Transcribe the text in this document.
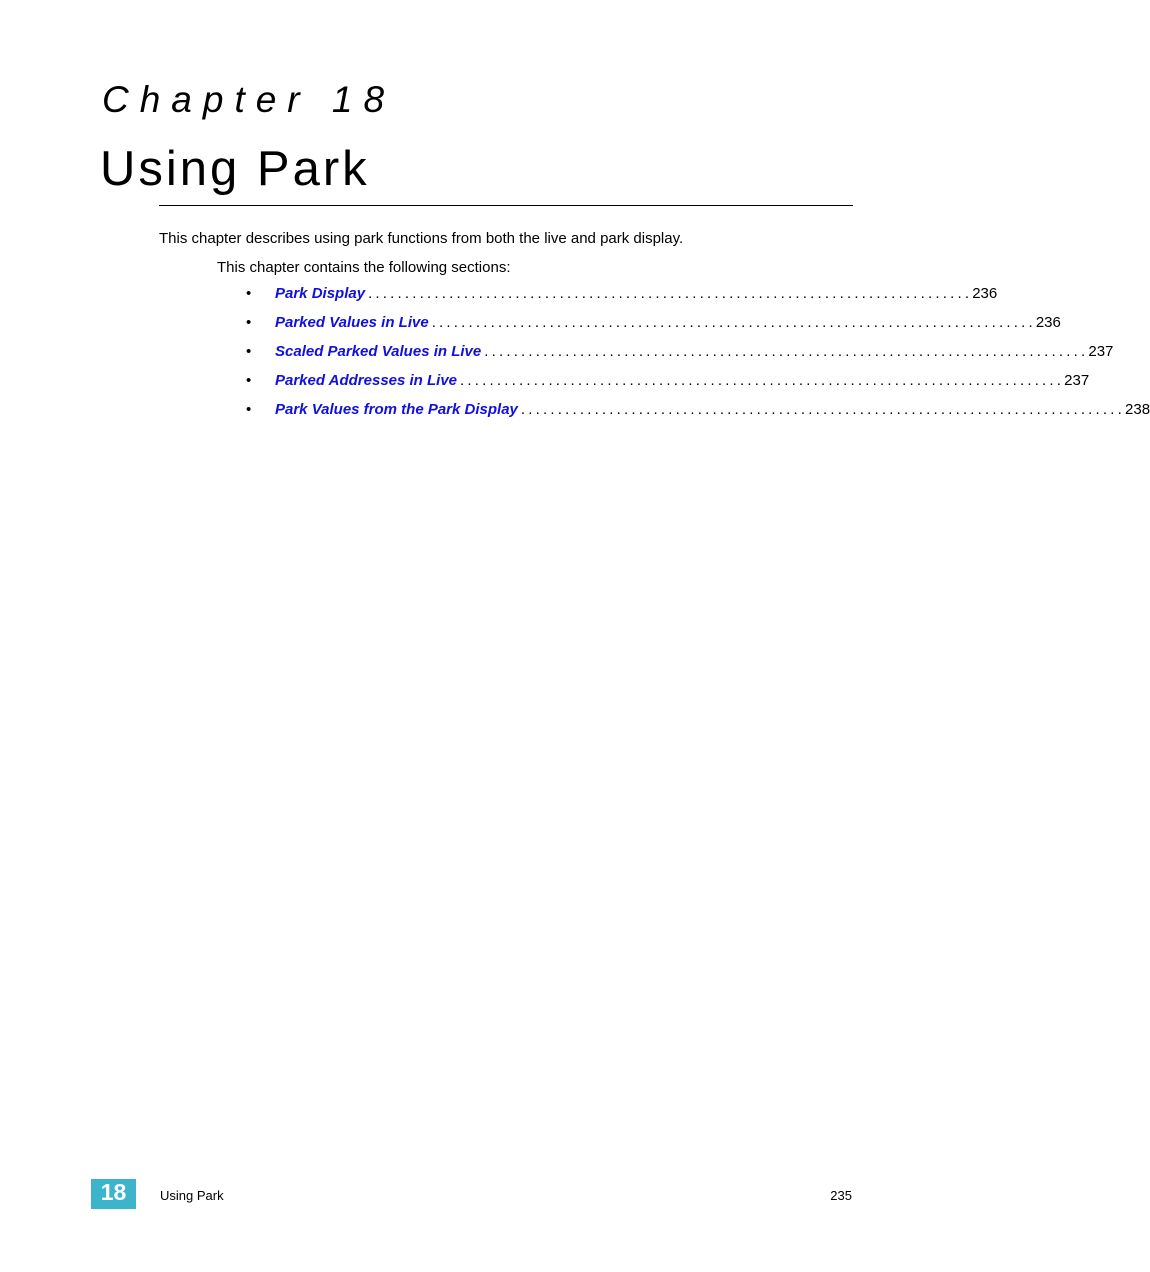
Chapter 18
Using Park
This chapter describes using park functions from both the live and park display.
This chapter contains the following sections:
•	Park Display .................................................................................. 236
•	Parked Values in Live .................................................................................. 236
•	Scaled Parked Values in Live .................................................................................. 237
•	Parked Addresses in Live .................................................................................. 237
•	Park Values from the Park Display .................................................................................. 238
18	Using Park	235
